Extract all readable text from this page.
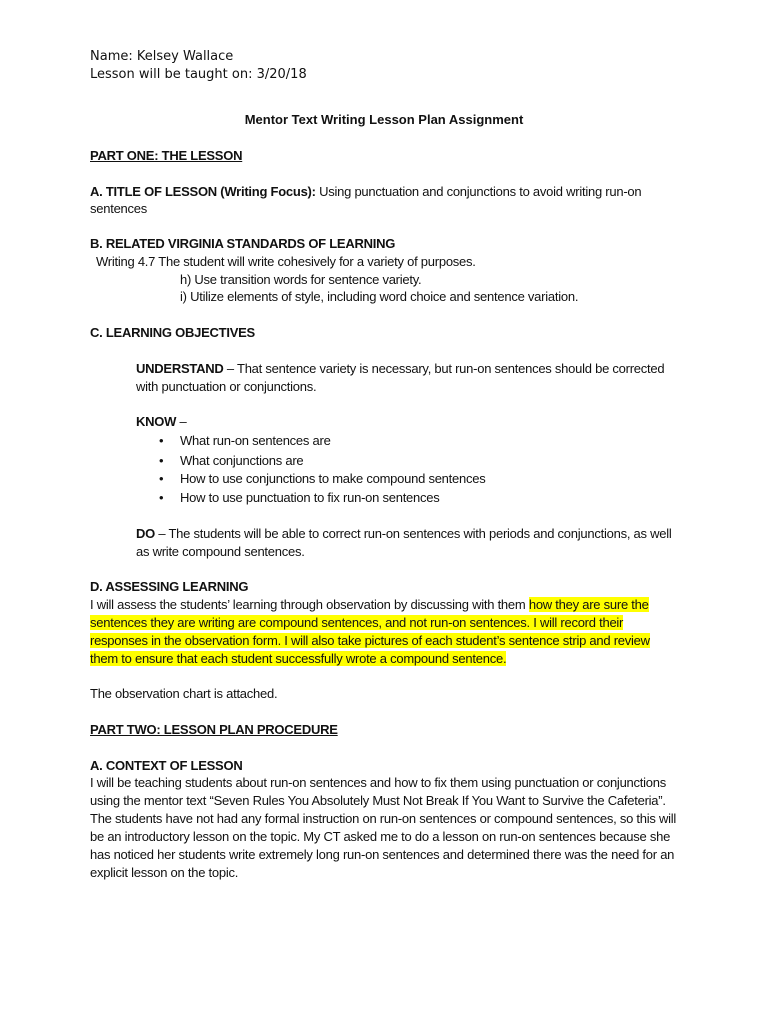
Name: Kelsey Wallace
Lesson will be taught on: 3/20/18
Mentor Text Writing Lesson Plan Assignment
PART ONE: THE LESSON
A. TITLE OF LESSON (Writing Focus): Using punctuation and conjunctions to avoid writing run-on
sentences
B. RELATED VIRGINIA STANDARDS OF LEARNING
Writing 4.7 The student will write cohesively for a variety of purposes.
h) Use transition words for sentence variety.
i) Utilize elements of style, including word choice and sentence variation.
C. LEARNING OBJECTIVES
UNDERSTAND – That sentence variety is necessary, but run-on sentences should be corrected
with punctuation or conjunctions.
KNOW –
• What run-on sentences are
• What conjunctions are
• How to use conjunctions to make compound sentences
• How to use punctuation to fix run-on sentences
DO – The students will be able to correct run-on sentences with periods and conjunctions, as well
as write compound sentences.
D. ASSESSING LEARNING
I will assess the students’ learning through observation by discussing with them how they are sure the
sentences they are writing are compound sentences, and not run-on sentences. I will record their
responses in the observation form. I will also take pictures of each student’s sentence strip and review
them to ensure that each student successfully wrote a compound sentence.
The observation chart is attached.
PART TWO: LESSON PLAN PROCEDURE
A. CONTEXT OF LESSON
I will be teaching students about run-on sentences and how to fix them using punctuation or conjunctions
using the mentor text “Seven Rules You Absolutely Must Not Break If You Want to Survive the Cafeteria”.
The students have not had any formal instruction on run-on sentences or compound sentences, so this will
be an introductory lesson on the topic. My CT asked me to do a lesson on run-on sentences because she
has noticed her students write extremely long run-on sentences and determined there was the need for an
explicit lesson on the topic.
